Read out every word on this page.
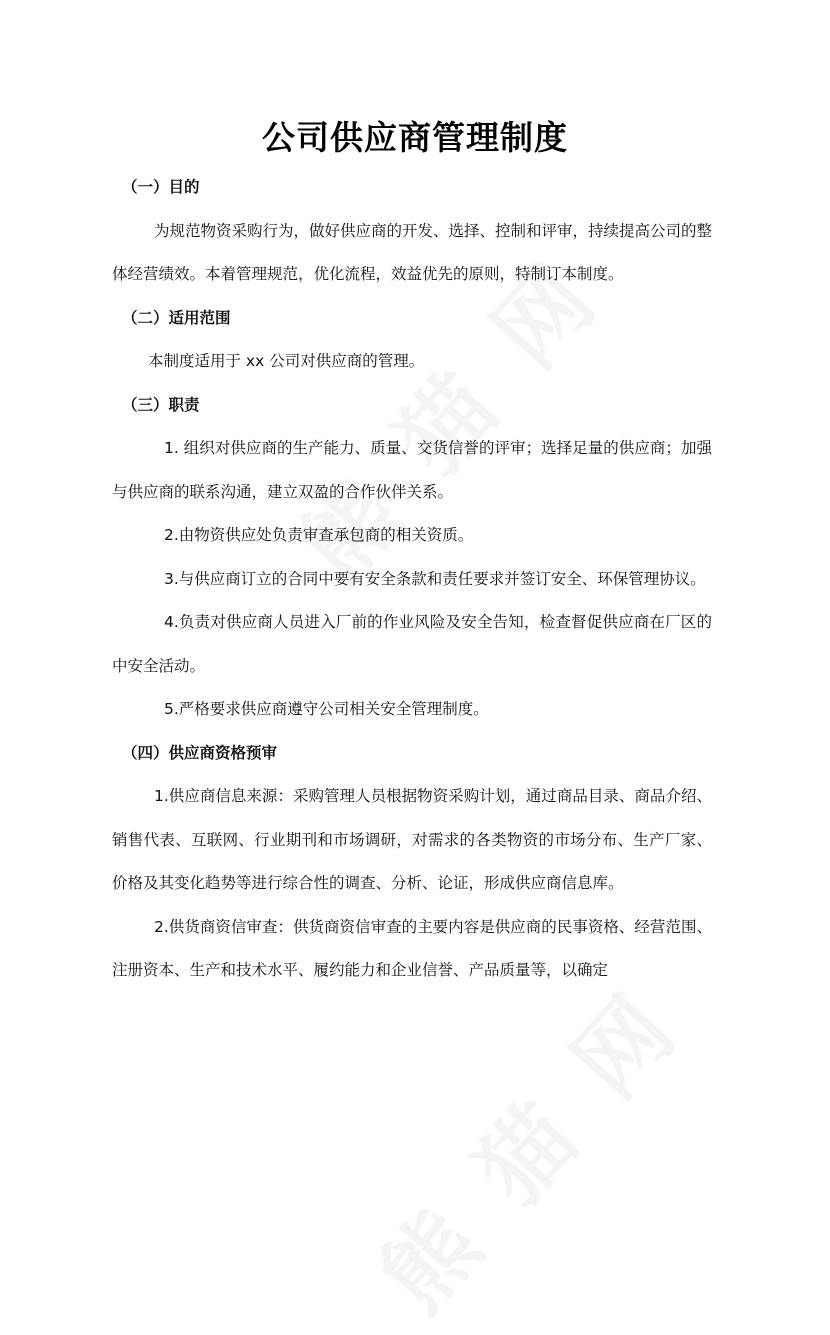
公司供应商管理制度

（一）目的

为规范物资采购行为，做好供应商的开发、选择、控制和评审，持续提高公司的整体经营绩效。本着管理规范，优化流程，效益优先的原则，特制订本制度。

（二）适用范围

本制度适用于 xx 公司对供应商的管理。

（三）职责

1. 组织对供应商的生产能力、质量、交货信誉的评审；选择足量的供应商；加强与供应商的联系沟通，建立双盈的合作伙伴关系。

2.由物资供应处负责审查承包商的相关资质。

3.与供应商订立的合同中要有安全条款和责任要求并签订安全、环保管理协议。

4.负责对供应商人员进入厂前的作业风险及安全告知，检查督促供应商在厂区的中安全活动。

5.严格要求供应商遵守公司相关安全管理制度。

（四）供应商资格预审

1.供应商信息来源：采购管理人员根据物资采购计划，通过商品目录、商品介绍、销售代表、互联网、行业期刊和市场调研，对需求的各类物资的市场分布、生产厂家、价格及其变化趋势等进行综合性的调查、分析、论证，形成供应商信息库。

2.供货商资信审查：供货商资信审查的主要内容是供应商的民事资格、经营范围、注册资本、生产和技术水平、履约能力和企业信誉、产品质量等，以确定
